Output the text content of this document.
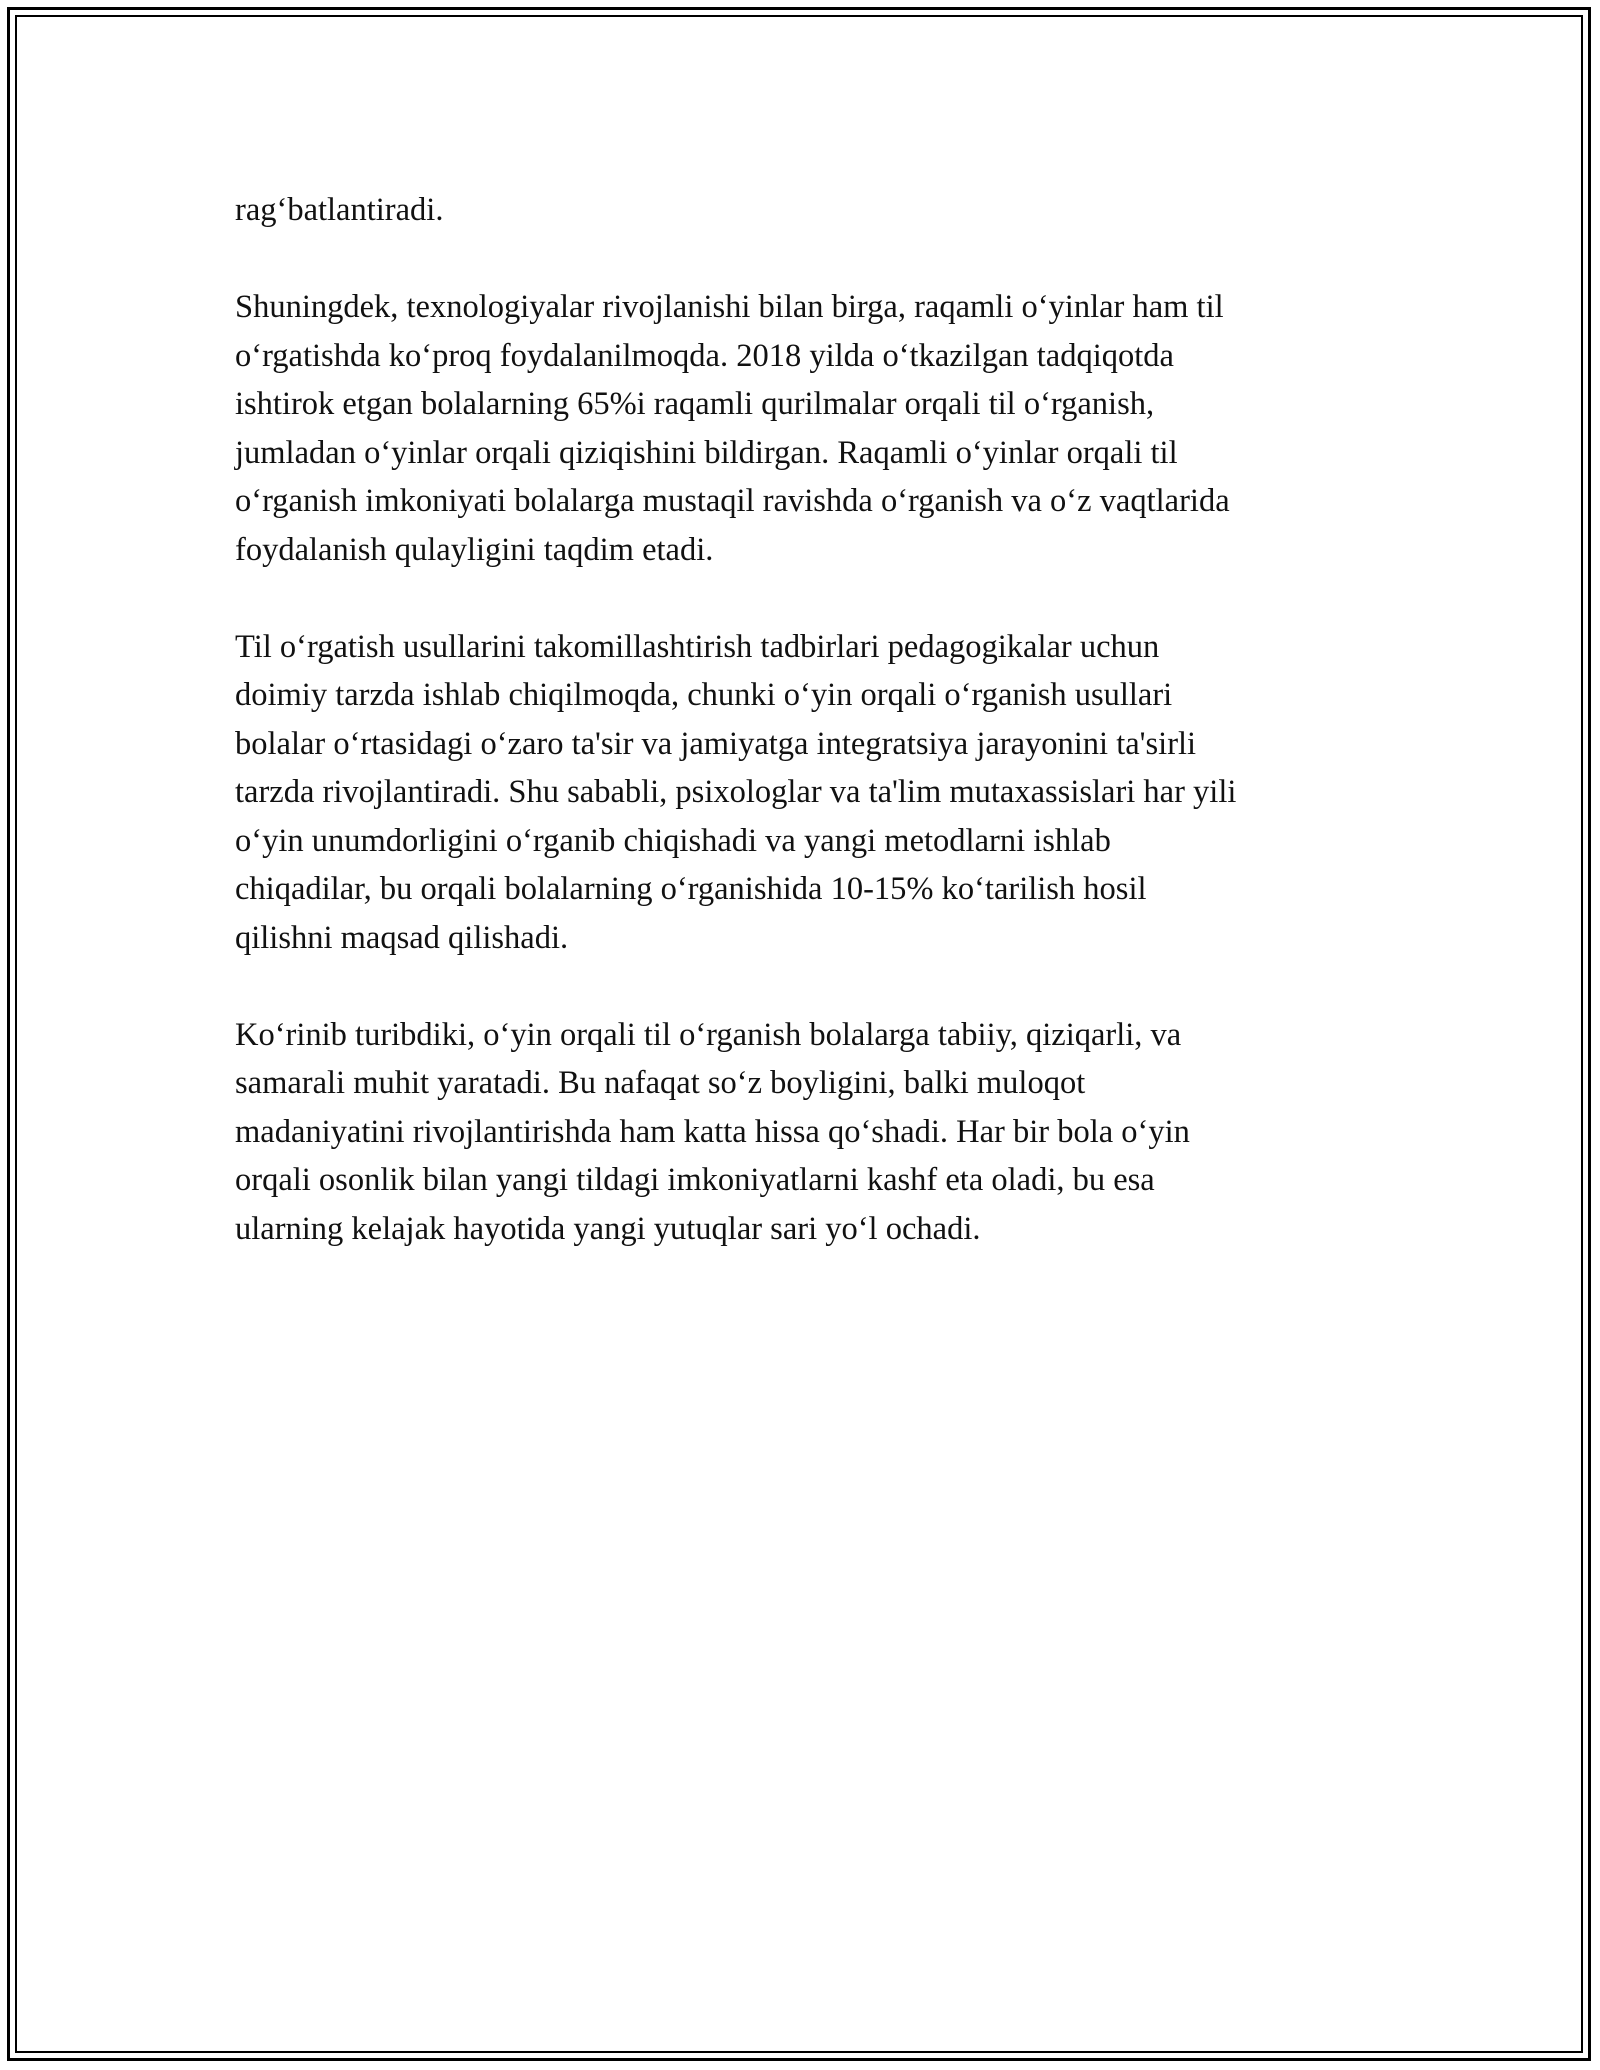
rag‘batlantiradi.

Shuningdek, texnologiyalar rivojlanishi bilan birga, raqamli o‘yinlar ham til
o‘rgatishda ko‘proq foydalanilmoqda. 2018 yilda o‘tkazilgan tadqiqotda
ishtirok etgan bolalarning 65%i raqamli qurilmalar orqali til o‘rganish,
jumladan o‘yinlar orqali qiziqishini bildirgan. Raqamli o‘yinlar orqali til
o‘rganish imkoniyati bolalarga mustaqil ravishda o‘rganish va o‘z vaqtlarida
foydalanish qulayligini taqdim etadi.

Til o‘rgatish usullarini takomillashtirish tadbirlari pedagogikalar uchun
doimiy tarzda ishlab chiqilmoqda, chunki o‘yin orqali o‘rganish usullari
bolalar o‘rtasidagi o‘zaro ta'sir va jamiyatga integratsiya jarayonini ta'sirli
tarzda rivojlantiradi. Shu sababli, psixologlar va ta'lim mutaxassislari har yili
o‘yin unumdorligini o‘rganib chiqishadi va yangi metodlarni ishlab
chiqadilar, bu orqali bolalarning o‘rganishida 10-15% ko‘tarilish hosil
qilishni maqsad qilishadi.

Ko‘rinib turibdiki, o‘yin orqali til o‘rganish bolalarga tabiiy, qiziqarli, va
samarali muhit yaratadi. Bu nafaqat so‘z boyligini, balki muloqot
madaniyatini rivojlantirishda ham katta hissa qo‘shadi. Har bir bola o‘yin
orqali osonlik bilan yangi tildagi imkoniyatlarni kashf eta oladi, bu esa
ularning kelajak hayotida yangi yutuqlar sari yo‘l ochadi.
